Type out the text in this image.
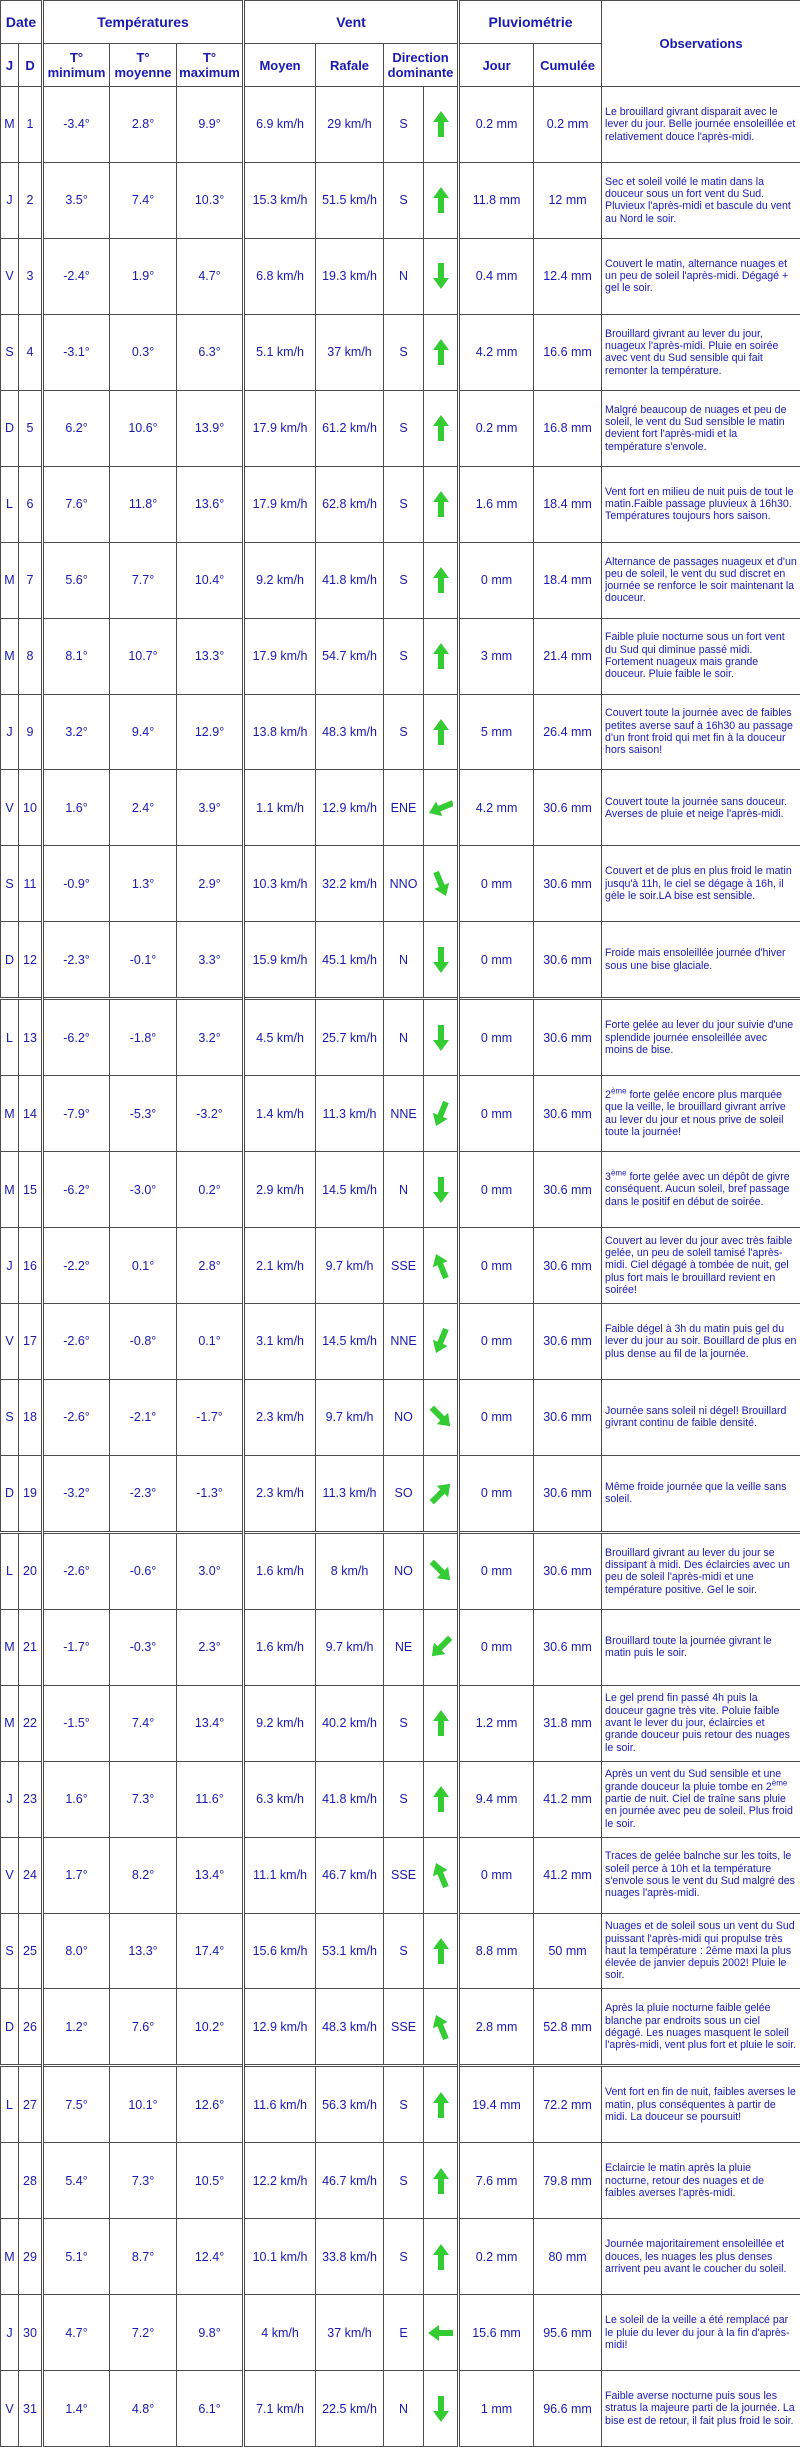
Date		Températures			Vent				Pluviométrie		Observations
J	D	T° minimum	T° moyenne	T° maximum	Moyen	Rafale	Direction dominante		Jour	Cumulée	
M	1	-3.4°	2.8°	9.9°	6.9 km/h	29 km/h	S		0.2 mm	0.2 mm	Le brouillard givrant disparait avec le lever du jour. Belle journée ensoleillée et relativement douce l'après-midi.
J	2	3.5°	7.4°	10.3°	15.3 km/h	51.5 km/h	S		11.8 mm	12 mm	Sec et soleil voilé le matin dans la douceur sous un fort vent du Sud. Pluvieux l'après-midi et bascule du vent au Nord le soir.
V	3	-2.4°	1.9°	4.7°	6.8 km/h	19.3 km/h	N		0.4 mm	12.4 mm	Couvert le matin, alternance nuages et un peu de soleil l'après-midi. Dégagé + gel le soir.
S	4	-3.1°	0.3°	6.3°	5.1 km/h	37 km/h	S		4.2 mm	16.6 mm	Brouillard givrant au lever du jour, nuageux l'après-midi. Pluie en soirée avec vent du Sud sensible qui fait remonter la température.
D	5	6.2°	10.6°	13.9°	17.9 km/h	61.2 km/h	S		0.2 mm	16.8 mm	Malgré beaucoup de nuages et peu de soleil, le vent du Sud sensible le matin devient fort l'après-midi et la température s'envole.
L	6	7.6°	11.8°	13.6°	17.9 km/h	62.8 km/h	S		1.6 mm	18.4 mm	Vent fort en milieu de nuit puis de tout le matin.Faible passage pluvieux à 16h30. Températures toujours hors saison.
M	7	5.6°	7.7°	10.4°	9.2 km/h	41.8 km/h	S		0 mm	18.4 mm	Alternance de passages nuageux et d'un peu de soleil, le vent du sud discret en journée se renforce le soir maintenant la douceur.
M	8	8.1°	10.7°	13.3°	17.9 km/h	54.7 km/h	S		3 mm	21.4 mm	Faible pluie nocturne sous un fort vent du Sud qui diminue passé midi. Fortement nuageux mais grande douceur. Pluie faible le soir.
J	9	3.2°	9.4°	12.9°	13.8 km/h	48.3 km/h	S		5 mm	26.4 mm	Couvert toute la journée avec de faibles petites averse sauf à 16h30 au passage d'un front froid qui met fin à la douceur hors saison!
V	10	1.6°	2.4°	3.9°	1.1 km/h	12.9 km/h	ENE		4.2 mm	30.6 mm	Couvert toute la journée sans douceur. Averses de pluie et neige l'après-midi.
S	11	-0.9°	1.3°	2.9°	10.3 km/h	32.2 km/h	NNO		0 mm	30.6 mm	Couvert et de plus en plus froid le matin jusqu'à 11h, le ciel se dégage à 16h, il gèle le soir.LA bise est sensible.
D	12	-2.3°	-0.1°	3.3°	15.9 km/h	45.1 km/h	N		0 mm	30.6 mm	Froide mais ensoleillée journée d'hiver sous une bise glaciale.
L	13	-6.2°	-1.8°	3.2°	4.5 km/h	25.7 km/h	N		0 mm	30.6 mm	Forte gelée au lever du jour suivie d'une splendide journée ensoleillée avec moins de bise.
M	14	-7.9°	-5.3°	-3.2°	1.4 km/h	11.3 km/h	NNE		0 mm	30.6 mm	2ème forte gelée encore plus marquée que la veille, le brouillard givrant arrive au lever du jour et nous prive de soleil toute la journée!
M	15	-6.2°	-3.0°	0.2°	2.9 km/h	14.5 km/h	N		0 mm	30.6 mm	3ème forte gelée avec un dépôt de givre conséquent. Aucun soleil, bref passage dans le positif en début de soirée.
J	16	-2.2°	0.1°	2.8°	2.1 km/h	9.7 km/h	SSE		0 mm	30.6 mm	Couvert au lever du jour avec très faible gelée, un peu de soleil tamisé l'après-midi. Ciel dégagé à tombée de nuit, gel plus fort mais le brouillard revient en soirée!
V	17	-2.6°	-0.8°	0.1°	3.1 km/h	14.5 km/h	NNE		0 mm	30.6 mm	Faible dégel à 3h du matin puis gel du lever du jour au soir. Bouillard de plus en plus dense au fil de la journée.
S	18	-2.6°	-2.1°	-1.7°	2.3 km/h	9.7 km/h	NO		0 mm	30.6 mm	Journée sans soleil ni dégel! Brouillard givrant continu de faible densité.
D	19	-3.2°	-2.3°	-1.3°	2.3 km/h	11.3 km/h	SO		0 mm	30.6 mm	Même froide journée que la veille sans soleil.
L	20	-2.6°	-0.6°	3.0°	1.6 km/h	8 km/h	NO		0 mm	30.6 mm	Brouillard givrant au lever du jour se dissipant à midi. Des éclaircies avec un peu de soleil l'après-midi et une température positive. Gel le soir.
M	21	-1.7°	-0.3°	2.3°	1.6 km/h	9.7 km/h	NE		0 mm	30.6 mm	Brouillard toute la journée givrant le matin puis le soir.
M	22	-1.5°	7.4°	13.4°	9.2 km/h	40.2 km/h	S		1.2 mm	31.8 mm	Le gel prend fin passé 4h puis la douceur gagne très vite. Poluie faible avant le lever du jour, éclaircies et grande douceur puis retour des nuages le soir.
J	23	1.6°	7.3°	11.6°	6.3 km/h	41.8 km/h	S		9.4 mm	41.2 mm	Après un vent du Sud sensible et une grande douceur la pluie tombe en 2ème partie de nuit. Ciel de traîne sans pluie en journée avec peu de soleil. Plus froid le soir.
V	24	1.7°	8.2°	13.4°	11.1 km/h	46.7 km/h	SSE		0 mm	41.2 mm	Traces de gelée balnche sur les toits, le soleil perce à 10h et la température s'envole sous le vent du Sud malgré des nuages l'après-midi.
S	25	8.0°	13.3°	17.4°	15.6 km/h	53.1 km/h	S		8.8 mm	50 mm	Nuages et de soleil sous un vent du Sud puissant l'après-midi qui propulse très haut la température : 2ème maxi la plus élevée de janvier depuis 2002! Pluie le soir.
D	26	1.2°	7.6°	10.2°	12.9 km/h	48.3 km/h	SSE		2.8 mm	52.8 mm	Après la pluie nocturne faible gelée blanche par endroits sous un ciel dégagé. Les nuages masquent le soleil l'après-midi, vent plus fort et pluie le soir.
L	27	7.5°	10.1°	12.6°	11.6 km/h	56.3 km/h	S		19.4 mm	72.2 mm	Vent fort en fin de nuit, faibles averses le matin, plus conséquentes à partir de midi. La douceur se poursuit!
	28	5.4°	7.3°	10.5°	12.2 km/h	46.7 km/h	S		7.6 mm	79.8 mm	Eclaircie le matin après la pluie nocturne, retour des nuages et de faibles averses l'après-midi.
M	29	5.1°	8.7°	12.4°	10.1 km/h	33.8 km/h	S		0.2 mm	80 mm	Journée majoritairement ensoleillée et douces, les nuages les plus denses arrivent peu avant le coucher du soleil.
J	30	4.7°	7.2°	9.8°	4 km/h	37 km/h	E		15.6 mm	95.6 mm	Le soleil de la veille a été remplacé par le pluie du lever du jour à la fin d'après-midi!
V	31	1.4°	4.8°	6.1°	7.1 km/h	22.5 km/h	N		1 mm	96.6 mm	Faible averse nocturne puis sous les stratus la majeure parti de la journée. La bise est de retour, il fait plus froid le soir.
